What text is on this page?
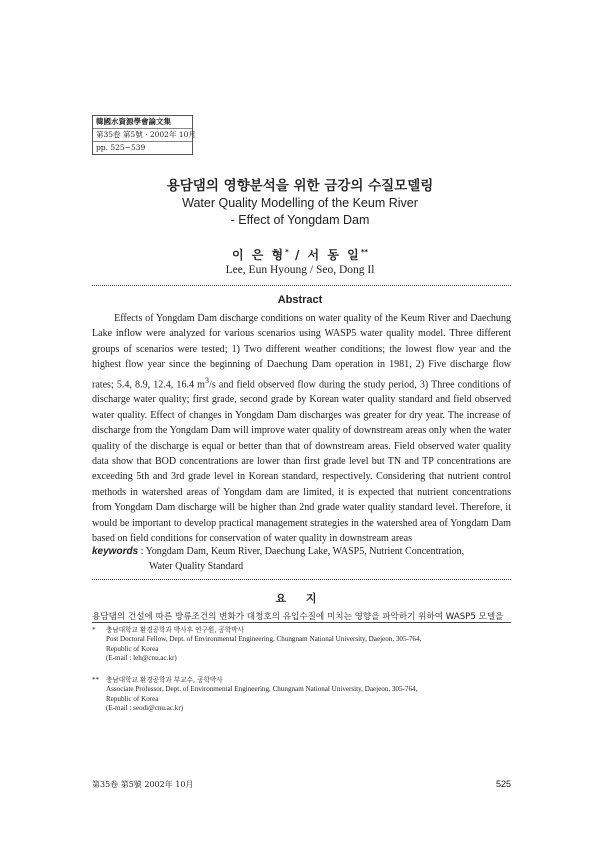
韓國水資源學會論文集
第35卷 第5號 · 2002年 10月
pp. 525~539
용담댐의 영향분석을 위한 금강의 수질모델링
Water Quality Modelling of the Keum River
- Effect of Yongdam Dam
이 은 형* / 서 동 일**
Lee, Eun Hyoung / Seo, Dong Il
Abstract

Effects of Yongdam Dam discharge conditions on water quality of the Keum River and Daechung Lake inflow were analyzed for various scenarios using WASP5 water quality model. Three different groups of scenarios were tested; 1) Two different weather conditions; the lowest flow year and the highest flow year since the beginning of Daechung Dam operation in 1981, 2) Five discharge flow rates; 5.4, 8.9, 12.4, 16.4 $m^3/s$ and field observed flow during the study period, 3) Three conditions of discharge water quality; first grade, second grade by Korean water quality standard and field observed water quality. Effect of changes in Yongdam Dam discharges was greater for dry year. The increase of discharge from the Yongdam Dam will improve water quality of downstream areas only when the water quality of the discharge is equal or better than that of downstream areas. Field observed water quality data show that BOD concentrations are lower than first grade level but TN and TP concentrations are exceeding 5th and 3rd grade level in Korean standard, respectively. Considering that nutrient control methods in watershed areas of Yongdam dam are limited, it is expected that nutrient concentrations from Yongdam Dam discharge will be higher than 2nd grade water quality standard level. Therefore, it would be important to develop practical management strategies in the watershed area of Yongdam Dam based on field conditions for conservation of water quality in downstream areas

keywords : Yongdam Dam, Keum River, Daechung Lake, WASP5, Nutrient Concentration,
Water Quality Standard
요 지
용담댐의 건설에 따른 방류조건의 변화가 대청호의 유입수질에 미치는 영향을 파악하기 위하여 WASP5 모델을
* 충남대학교 환경공학과 박사후 연구원, 공학박사
Post Doctoral Fellow, Dept. of Environmental Engineering, Chungnam National University, Daejeon, 305-764,
Republic of Korea
(E-mail : leh@cnu.ac.kr)
** 충남대학교 환경공학과 부교수, 공학박사
Associate Professor, Dept. of Environmental Engineering, Chungnam National University, Daejeon, 305-764,
Republic of Korea
(E-mail : seodi@cnu.ac.kr)
第35卷 第5號 2002年 10月	525
